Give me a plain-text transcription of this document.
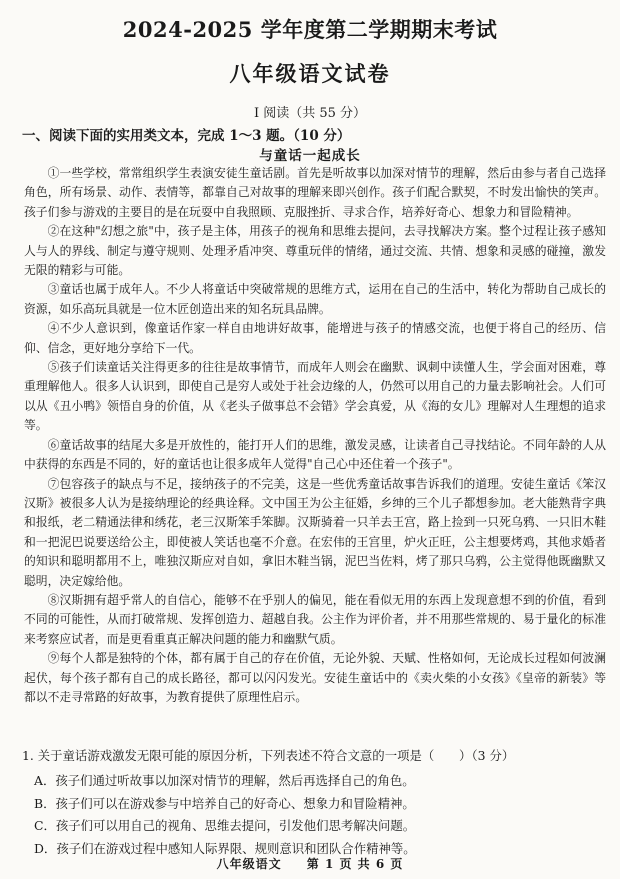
2024-2025 学年度第二学期期末考试
八年级语文试卷
I 阅读（共 55 分）
一、阅读下面的实用类文本，完成 1～3 题。（10 分）
与童话一起成长

①一些学校，常常组织学生表演安徒生童话剧。首先是听故事以加深对情节的理解，然后由参与者自己选择角色，所有场景、动作、表情等，都靠自己对故事的理解来即兴创作。孩子们配合默契，不时发出愉快的笑声。孩子们参与游戏的主要目的是在玩耍中自我照顾、克服挫折、寻求合作，培养好奇心、想象力和冒险精神。

②在这种"幻想之旅"中，孩子是主体，用孩子的视角和思维去提问，去寻找解决方案。整个过程让孩子感知人与人的界线、制定与遵守规则、处理矛盾冲突、尊重玩伴的情绪，通过交流、共情、想象和灵感的碰撞，激发无限的精彩与可能。

③童话也属于成年人。不少人将童话中突破常规的思维方式，运用在自己的生活中，转化为帮助自己成长的资源，如乐高玩具就是一位木匠创造出来的知名玩具品牌。

④不少人意识到，像童话作家一样自由地讲好故事，能增进与孩子的情感交流，也便于将自己的经历、信仰、信念，更好地分享给下一代。

⑤孩子们读童话关注得更多的往往是故事情节，而成年人则会在幽默、讽刺中读懂人生，学会面对困难，尊重理解他人。很多人认识到，即使自己是穷人或处于社会边缘的人，仍然可以用自己的力量去影响社会。人们可以从《丑小鸭》领悟自身的价值，从《老头子做事总不会错》学会真爱，从《海的女儿》理解对人生理想的追求等。

⑥童话故事的结尾大多是开放性的，能打开人们的思维，激发灵感，让读者自己寻找结论。不同年龄的人从中获得的东西是不同的，好的童话也让很多成年人觉得"自己心中还住着一个孩子"。

⑦包容孩子的缺点与不足，接纳孩子的不完美，这是一些优秀童话故事告诉我们的道理。安徒生童话《笨汉汉斯》被很多人认为是接纳理论的经典诠释。文中国王为公主征婚，乡绅的三个儿子都想参加。老大能熟背字典和报纸，老二精通法律和绣花，老三汉斯笨手笨脚。汉斯骑着一只羊去王宫，路上捡到一只死乌鸦、一只旧木鞋和一把泥巴说要送给公主，即使被人笑话也毫不介意。在宏伟的王宫里，炉火正旺，公主想要烤鸡，其他求婚者的知识和聪明都用不上，唯独汉斯应对自如，拿旧木鞋当锅，泥巴当佐料，烤了那只乌鸦，公主觉得他既幽默又聪明，决定嫁给他。

⑧汉斯拥有超乎常人的自信心，能够不在乎别人的偏见，能在看似无用的东西上发现意想不到的价值，看到不同的可能性，从而打破常规、发挥创造力、超越自我。公主作为评价者，并不用那些常规的、易于量化的标准来考察应试者，而是更看重真正解决问题的能力和幽默气质。

⑨每个人都是独特的个体，都有属于自己的存在价值，无论外貌、天赋、性格如何，无论成长过程如何波澜起伏，每个孩子都有自己的成长路径，都可以闪闪发光。安徒生童话中的《卖火柴的小女孩》《皇帝的新装》等都以不走寻常路的好故事，为教育提供了原理性启示。

1. 关于童话游戏激发无限可能的原因分析，下列表述不符合文意的一项是（　　）（3 分）
A．孩子们通过听故事以加深对情节的理解，然后再选择自己的角色。
B．孩子们可以在游戏参与中培养自己的好奇心、想象力和冒险精神。
C．孩子们可以用自己的视角、思维去提问，引发他们思考解决问题。
D．孩子们在游戏过程中感知人际界限、规则意识和团队合作精神等。
八年级语文 第 1 页 共 6 页
